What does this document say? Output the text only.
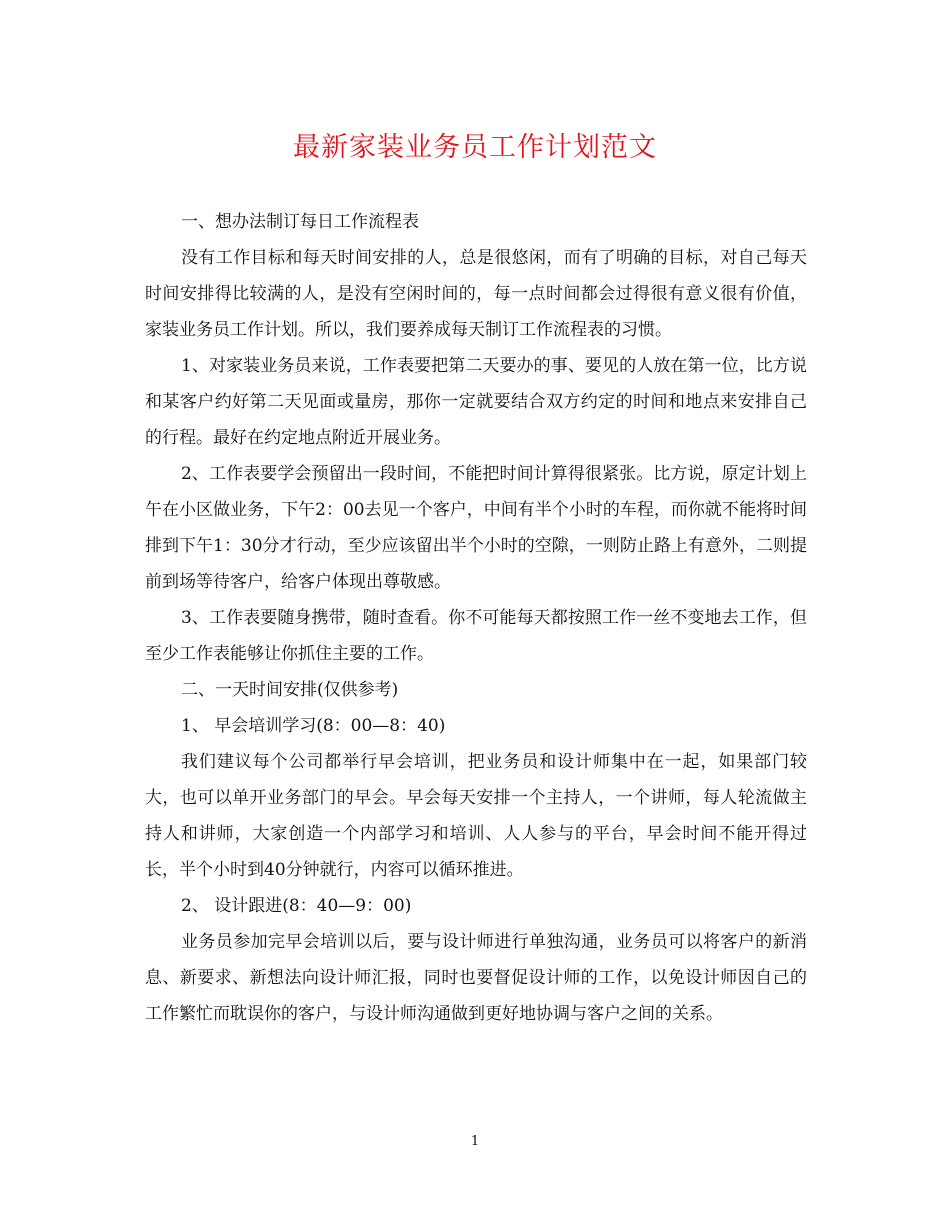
最新家装业务员工作计划范文

一、想办法制订每日工作流程表

没有工作目标和每天时间安排的人，总是很悠闲，而有了明确的目标，对自己每天时间安排得比较满的人，是没有空闲时间的，每一点时间都会过得很有意义很有价值，家装业务员工作计划。所以，我们要养成每天制订工作流程表的习惯。

1、对家装业务员来说，工作表要把第二天要办的事、要见的人放在第一位，比方说和某客户约好第二天见面或量房，那你一定就要结合双方约定的时间和地点来安排自己的行程。最好在约定地点附近开展业务。

2、工作表要学会预留出一段时间，不能把时间计算得很紧张。比方说，原定计划上午在小区做业务，下午2：00去见一个客户，中间有半个小时的车程，而你就不能将时间排到下午1：30分才行动，至少应该留出半个小时的空隙，一则防止路上有意外，二则提前到场等待客户，给客户体现出尊敬感。

3、工作表要随身携带，随时查看。你不可能每天都按照工作一丝不变地去工作，但至少工作表能够让你抓住主要的工作。

二、一天时间安排(仅供参考)

1、 早会培训学习(8：00—8：40)

我们建议每个公司都举行早会培训，把业务员和设计师集中在一起，如果部门较大，也可以单开业务部门的早会。早会每天安排一个主持人，一个讲师，每人轮流做主持人和讲师，大家创造一个内部学习和培训、人人参与的平台，早会时间不能开得过长，半个小时到40分钟就行，内容可以循环推进。

2、 设计跟进(8：40—9：00)

业务员参加完早会培训以后，要与设计师进行单独沟通，业务员可以将客户的新消息、新要求、新想法向设计师汇报，同时也要督促设计师的工作，以免设计师因自己的工作繁忙而耽误你的客户，与设计师沟通做到更好地协调与客户之间的关系。

1
